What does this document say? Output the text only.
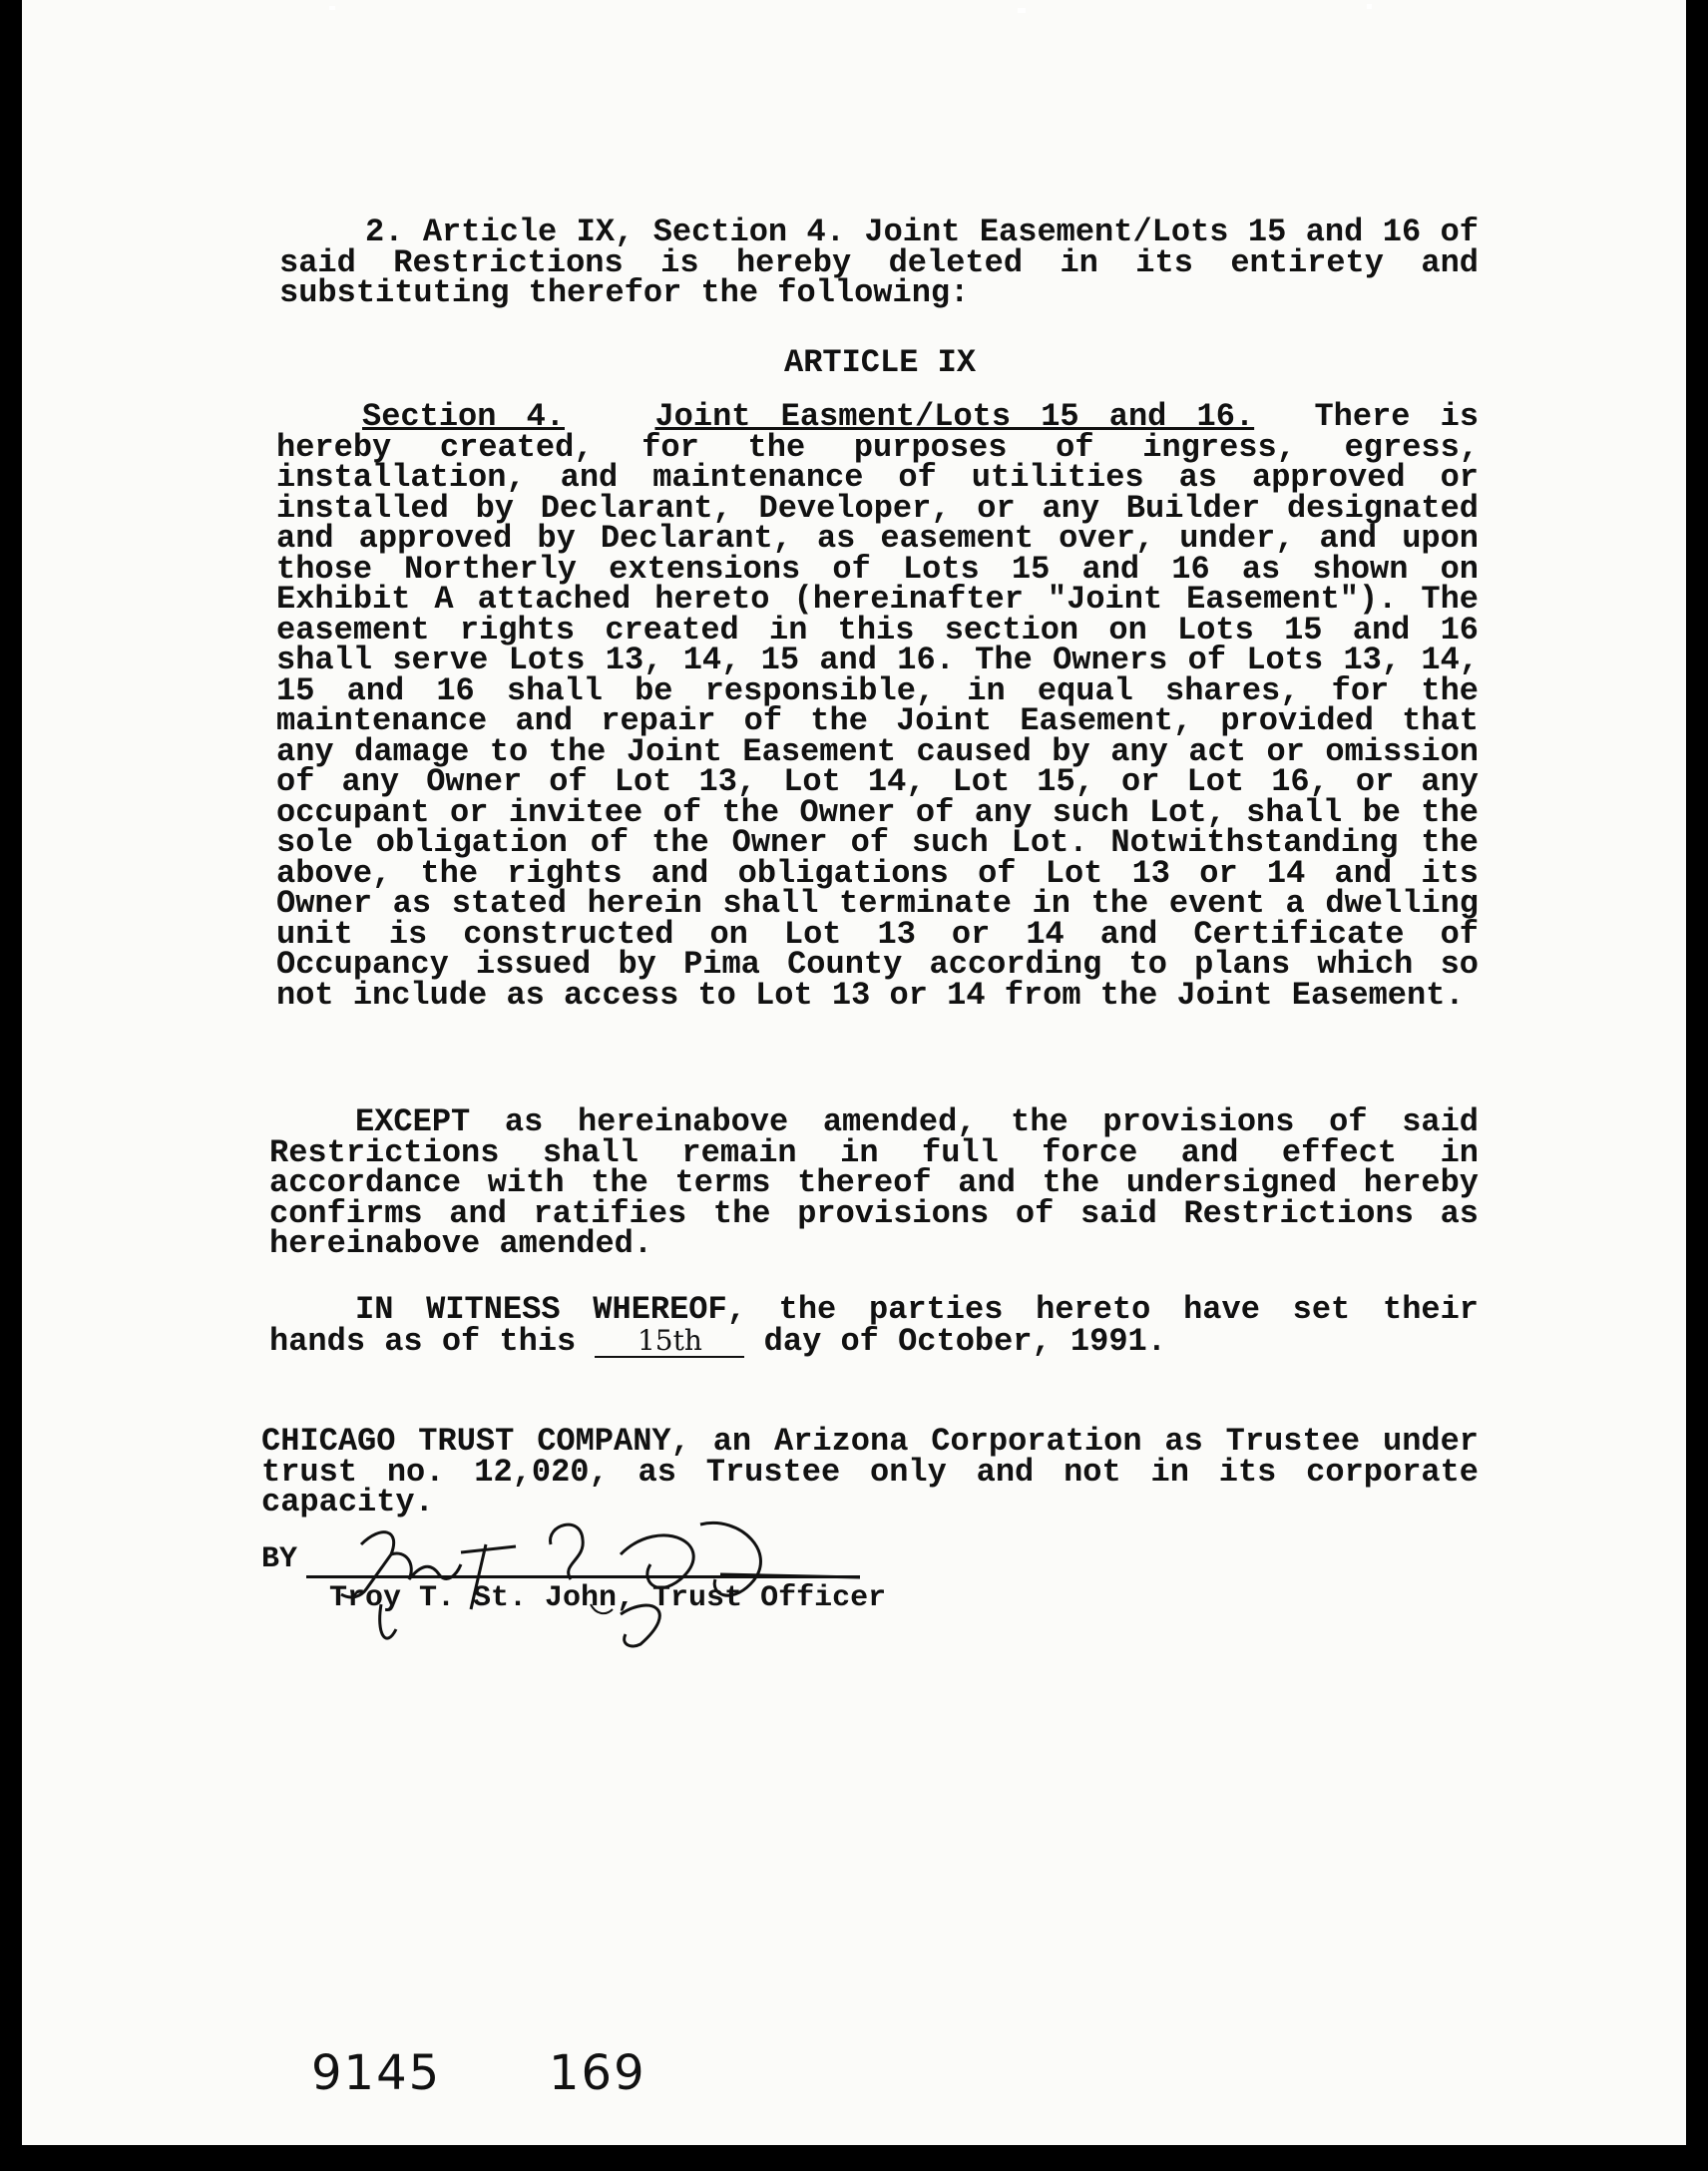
2. Article IX, Section 4. Joint Easement/Lots 15 and 16 of said Restrictions is hereby deleted in its entirety and substituting therefor the following:
ARTICLE IX
Section 4.	Joint Easment/Lots 15 and 16. There is hereby created, for the purposes of ingress, egress, installation, and maintenance of utilities as approved or installed by Declarant, Developer, or any Builder designated and approved by Declarant, as easement over, under, and upon those Northerly extensions of Lots 15 and 16 as shown on Exhibit A attached hereto (hereinafter "Joint Easement"). The easement rights created in this section on Lots 15 and 16 shall serve Lots 13, 14, 15 and 16. The Owners of Lots 13, 14, 15 and 16 shall be responsible, in equal shares, for the maintenance and repair of the Joint Easement, provided that any damage to the Joint Easement caused by any act or omission of any Owner of Lot 13, Lot 14, Lot 15, or Lot 16, or any occupant or invitee of the Owner of any such Lot, shall be the sole obligation of the Owner of such Lot. Notwithstanding the above, the rights and obligations of Lot 13 or 14 and its Owner as stated herein shall terminate in the event a dwelling unit is constructed on Lot 13 or 14 and Certificate of Occupancy issued by Pima County according to plans which so not include as access to Lot 13 or 14 from the Joint Easement.
EXCEPT as hereinabove amended, the provisions of said Restrictions shall remain in full force and effect in accordance with the terms thereof and the undersigned hereby confirms and ratifies the provisions of said Restrictions as hereinabove amended.
IN WITNESS WHEREOF, the parties hereto have set their hands as of this 15th day of October, 1991.
CHICAGO TRUST COMPANY, an Arizona Corporation as Trustee under trust no. 12,020, as Trustee only and not in its corporate capacity.
BY
Troy T. St. John, Trust Officer
9145 169
